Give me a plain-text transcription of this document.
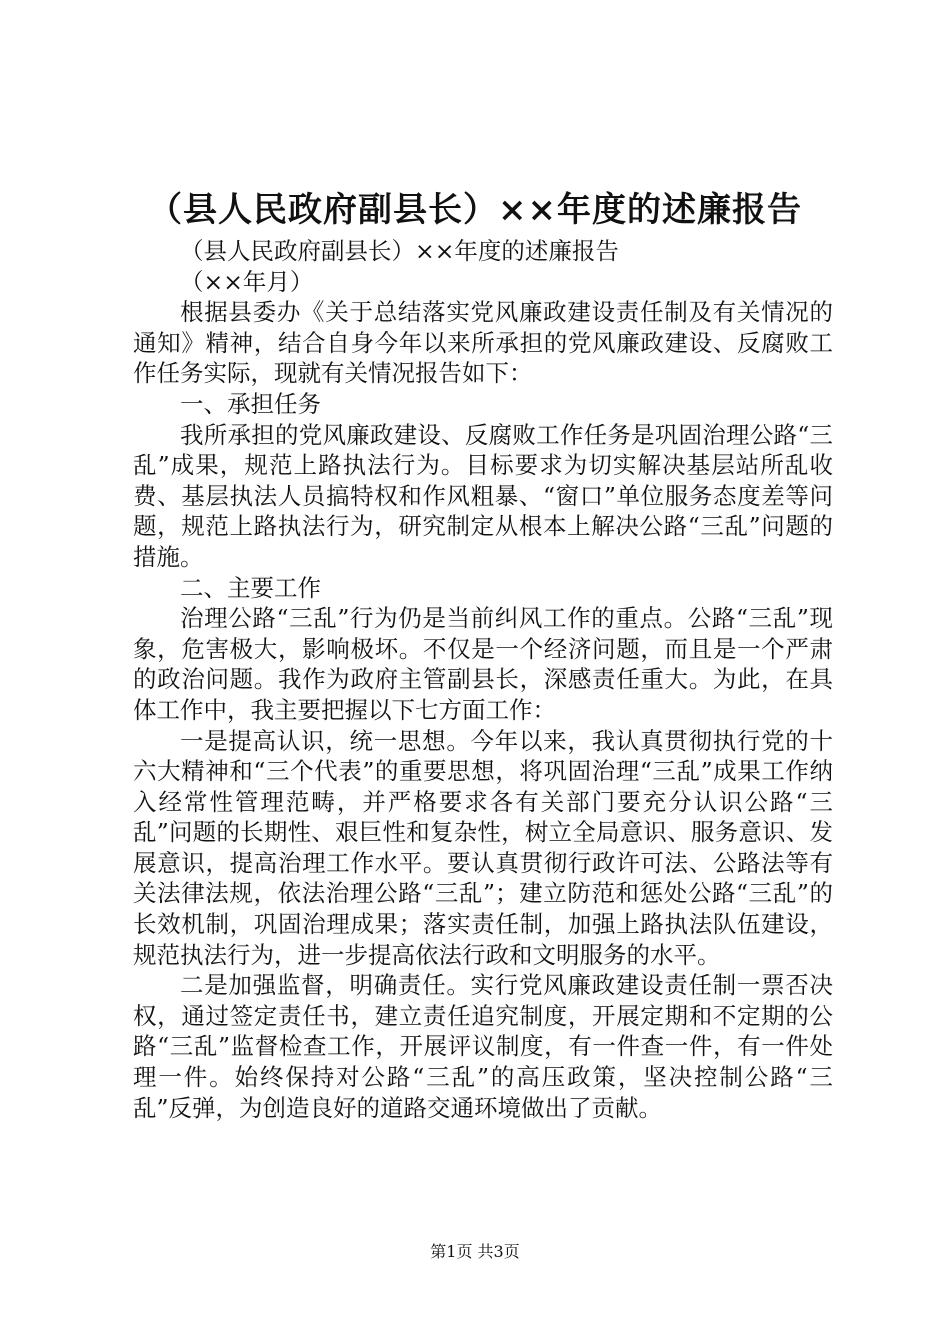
（县人民政府副县长）××年度的述廉报告

（县人民政府副县长）××年度的述廉报告

（××年月）

根据县委办《关于总结落实党风廉政建设责任制及有关情况的通知》精神，结合自身今年以来所承担的党风廉政建设、反腐败工作任务实际，现就有关情况报告如下：

一、承担任务

我所承担的党风廉政建设、反腐败工作任务是巩固治理公路“三乱”成果，规范上路执法行为。目标要求为切实解决基层站所乱收费、基层执法人员搞特权和作风粗暴、“窗口”单位服务态度差等问题，规范上路执法行为，研究制定从根本上解决公路“三乱”问题的措施。

二、主要工作

治理公路“三乱”行为仍是当前纠风工作的重点。公路“三乱”现象，危害极大，影响极坏。不仅是一个经济问题，而且是一个严肃的政治问题。我作为政府主管副县长，深感责任重大。为此，在具体工作中，我主要把握以下七方面工作：

一是提高认识，统一思想。今年以来，我认真贯彻执行党的十六大精神和“三个代表”的重要思想，将巩固治理“三乱”成果工作纳入经常性管理范畴，并严格要求各有关部门要充分认识公路“三乱”问题的长期性、艰巨性和复杂性，树立全局意识、服务意识、发展意识，提高治理工作水平。要认真贯彻行政许可法、公路法等有关法律法规，依法治理公路“三乱”；建立防范和惩处公路“三乱”的长效机制，巩固治理成果；落实责任制，加强上路执法队伍建设，规范执法行为，进一步提高依法行政和文明服务的水平。

二是加强监督，明确责任。实行党风廉政建设责任制一票否决权，通过签定责任书，建立责任追究制度，开展定期和不定期的公路“三乱”监督检查工作，开展评议制度，有一件查一件，有一件处理一件。始终保持对公路“三乱”的高压政策，坚决控制公路“三乱”反弹，为创造良好的道路交通环境做出了贡献。

第1页 共3页
